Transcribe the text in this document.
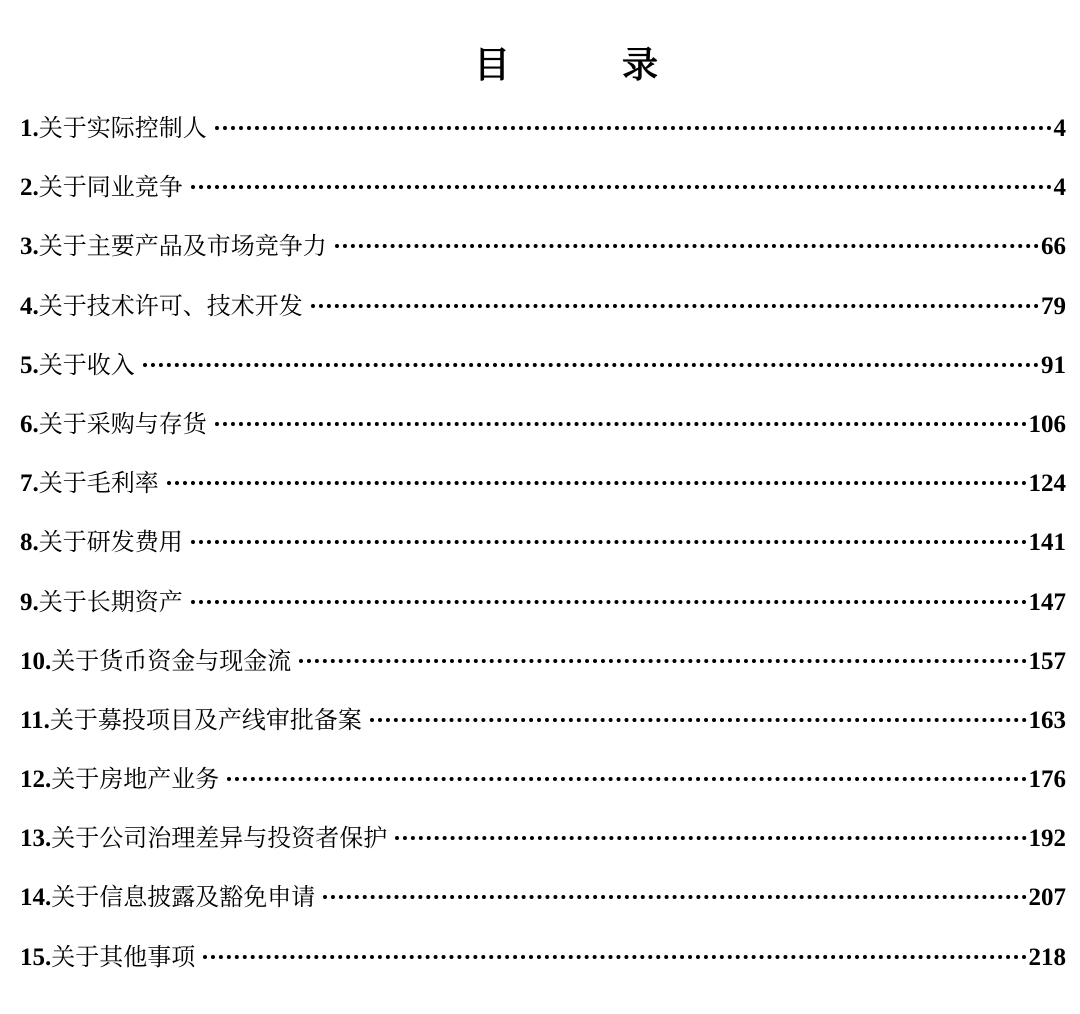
目　录
1.关于实际控制人	4
2.关于同业竞争	4
3.关于主要产品及市场竞争力	66
4.关于技术许可、技术开发	79
5.关于收入	91
6.关于采购与存货	106
7.关于毛利率	124
8.关于研发费用	141
9.关于长期资产	147
10.关于货币资金与现金流	157
11.关于募投项目及产线审批备案	163
12.关于房地产业务	176
13.关于公司治理差异与投资者保护	192
14.关于信息披露及豁免申请	207
15.关于其他事项	218
